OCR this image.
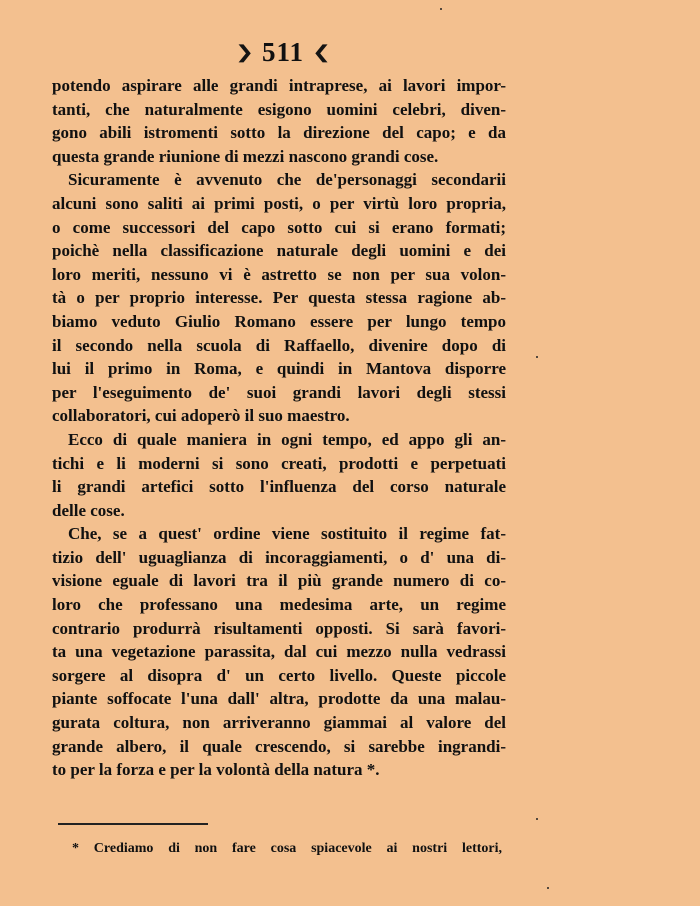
❯ 511 ❮
potendo aspirare alle grandi intraprese, ai lavori impor-
tanti, che naturalmente esigono uomini celebri, diven-
gono abili istromenti sotto la direzione del capo; e da
questa grande riunione di mezzi nascono grandi cose.
Sicuramente è avvenuto che de'personaggi secondarii
alcuni sono saliti ai primi posti, o per virtù loro propria,
o come successori del capo sotto cui si erano formati;
poichè nella classificazione naturale degli uomini e dei
loro meriti, nessuno vi è astretto se non per sua volon-
tà o per proprio interesse. Per questa stessa ragione ab-
biamo veduto Giulio Romano essere per lungo tempo
il secondo nella scuola di Raffaello, divenire dopo di
lui il primo in Roma, e quindi in Mantova disporre
per l'eseguimento de' suoi grandi lavori degli stessi
collaboratori, cui adoperò il suo maestro.
Ecco di quale maniera in ogni tempo, ed appo gli an-
tichi e li moderni si sono creati, prodotti e perpetuati
li grandi artefici sotto l'influenza del corso naturale
delle cose.
Che, se a quest' ordine viene sostituito il regime fat-
tizio dell' uguaglianza di incoraggiamenti, o d' una di-
visione eguale di lavori tra il più grande numero di co-
loro che professano una medesima arte, un regime
contrario produrrà risultamenti opposti. Si sarà favori-
ta una vegetazione parassita, dal cui mezzo nulla vedrassi
sorgere al disopra d' un certo livello. Queste piccole
piante soffocate l'una dall' altra, prodotte da una malau-
gurata coltura, non arriveranno giammai al valore del
grande albero, il quale crescendo, si sarebbe ingrandi-
to per la forza e per la volontà della natura *.
* Crediamo di non fare cosa spiacevole ai nostri lettori,
